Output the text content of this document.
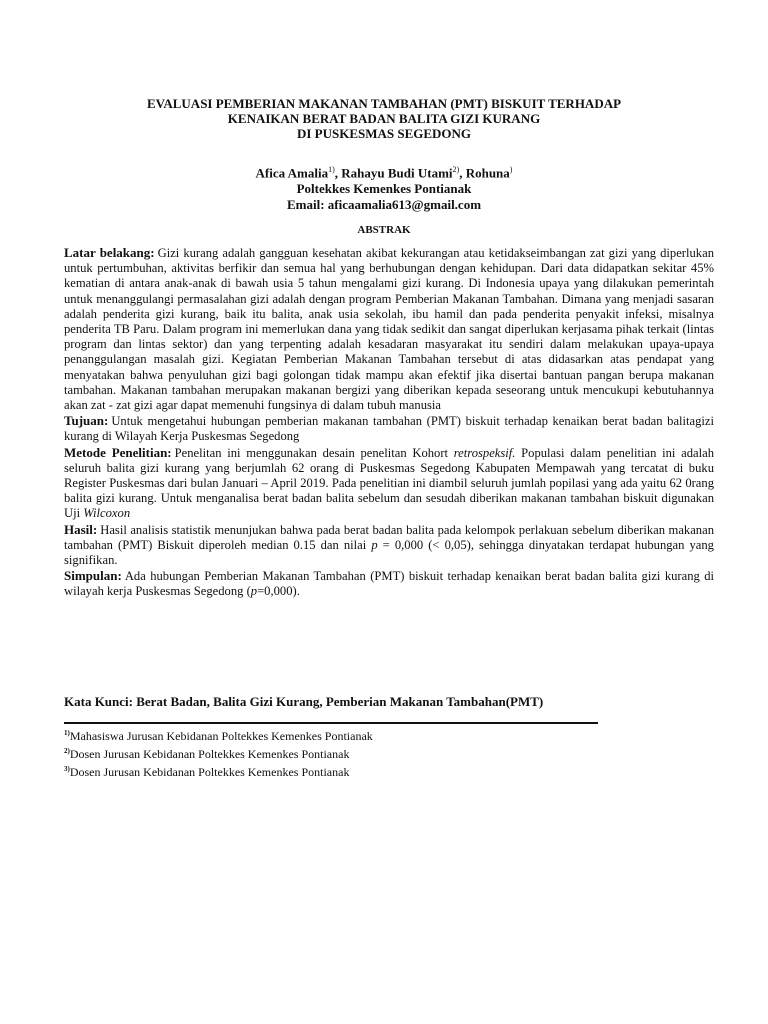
EVALUASI PEMBERIAN MAKANAN TAMBAHAN (PMT) BISKUIT TERHADAP
KENAIKAN BERAT BADAN BALITA GIZI KURANG
DI PUSKESMAS SEGEDONG
Afica Amalia$^{1)}$, Rahayu Budi Utami$^{2)}$, Rohuna)
Poltekkes Kemenkes Pontianak
Email: aficaamalia613@gmail.com
ABSTRAK

Latar belakang: Gizi kurang adalah gangguan kesehatan akibat kekurangan atau ketidakseimbangan zat gizi yang diperlukan untuk pertumbuhan, aktivitas berfikir dan semua hal yang berhubungan dengan kehidupan. Dari data didapatkan sekitar 45% kematian di antara anak-anak di bawah usia 5 tahun mengalami gizi kurang. Di Indonesia upaya yang dilakukan pemerintah untuk menanggulangi permasalahan gizi adalah dengan program Pemberian Makanan Tambahan. Dimana yang menjadi sasaran adalah penderita gizi kurang, baik itu balita, anak usia sekolah, ibu hamil dan pada penderita penyakit infeksi, misalnya penderita TB Paru. Dalam program ini memerlukan dana yang tidak sedikit dan sangat diperlukan kerjasama pihak terkait (lintas program dan lintas sektor) dan yang terpenting adalah kesadaran masyarakat itu sendiri dalam melakukan upaya-upaya penanggulangan masalah gizi. Kegiatan Pemberian Makanan Tambahan tersebut di atas didasarkan atas pendapat yang menyatakan bahwa penyuluhan gizi bagi golongan tidak mampu akan efektif jika disertai bantuan pangan berupa makanan tambahan. Makanan tambahan merupakan makanan bergizi yang diberikan kepada seseorang untuk mencukupi kebutuhannya akan zat - zat gizi agar dapat memenuhi fungsinya di dalam tubuh manusia

Tujuan: Untuk mengetahui hubungan pemberian makanan tambahan (PMT) biskuit terhadap kenaikan berat badan balitagizi kurang di Wilayah Kerja Puskesmas Segedong

Metode Penelitian: Penelitan ini menggunakan desain penelitan Kohort retrospeksif. Populasi dalam penelitian ini adalah seluruh balita gizi kurang yang berjumlah 62 orang di Puskesmas Segedong Kabupaten Mempawah yang tercatat di buku Register Puskesmas dari bulan Januari – April 2019. Pada penelitian ini diambil seluruh jumlah popilasi yang ada yaitu 62 0rang balita gizi kurang. Untuk menganalisa berat badan balita sebelum dan sesudah diberikan makanan tambahan biskuit digunakan Uji Wilcoxon

Hasil: Hasil analisis statistik menunjukan bahwa pada berat badan balita pada kelompok perlakuan sebelum diberikan makanan tambahan (PMT) Biskuit diperoleh median 0.15 dan nilai p = 0,000 (< 0,05), sehingga dinyatakan terdapat hubungan yang signifikan.

Simpulan: Ada hubungan Pemberian Makanan Tambahan (PMT) biskuit terhadap kenaikan berat badan balita gizi kurang di wilayah kerja Puskesmas Segedong (p=0,000).

Kata Kunci: Berat Badan, Balita Gizi Kurang, Pemberian Makanan Tambahan(PMT)
$^{1)}$Mahasiswa Jurusan Kebidanan Poltekkes Kemenkes Pontianak
$^{2)}$Dosen Jurusan Kebidanan Poltekkes Kemenkes Pontianak
$^{3)}$Dosen Jurusan Kebidanan Poltekkes Kemenkes Pontianak
